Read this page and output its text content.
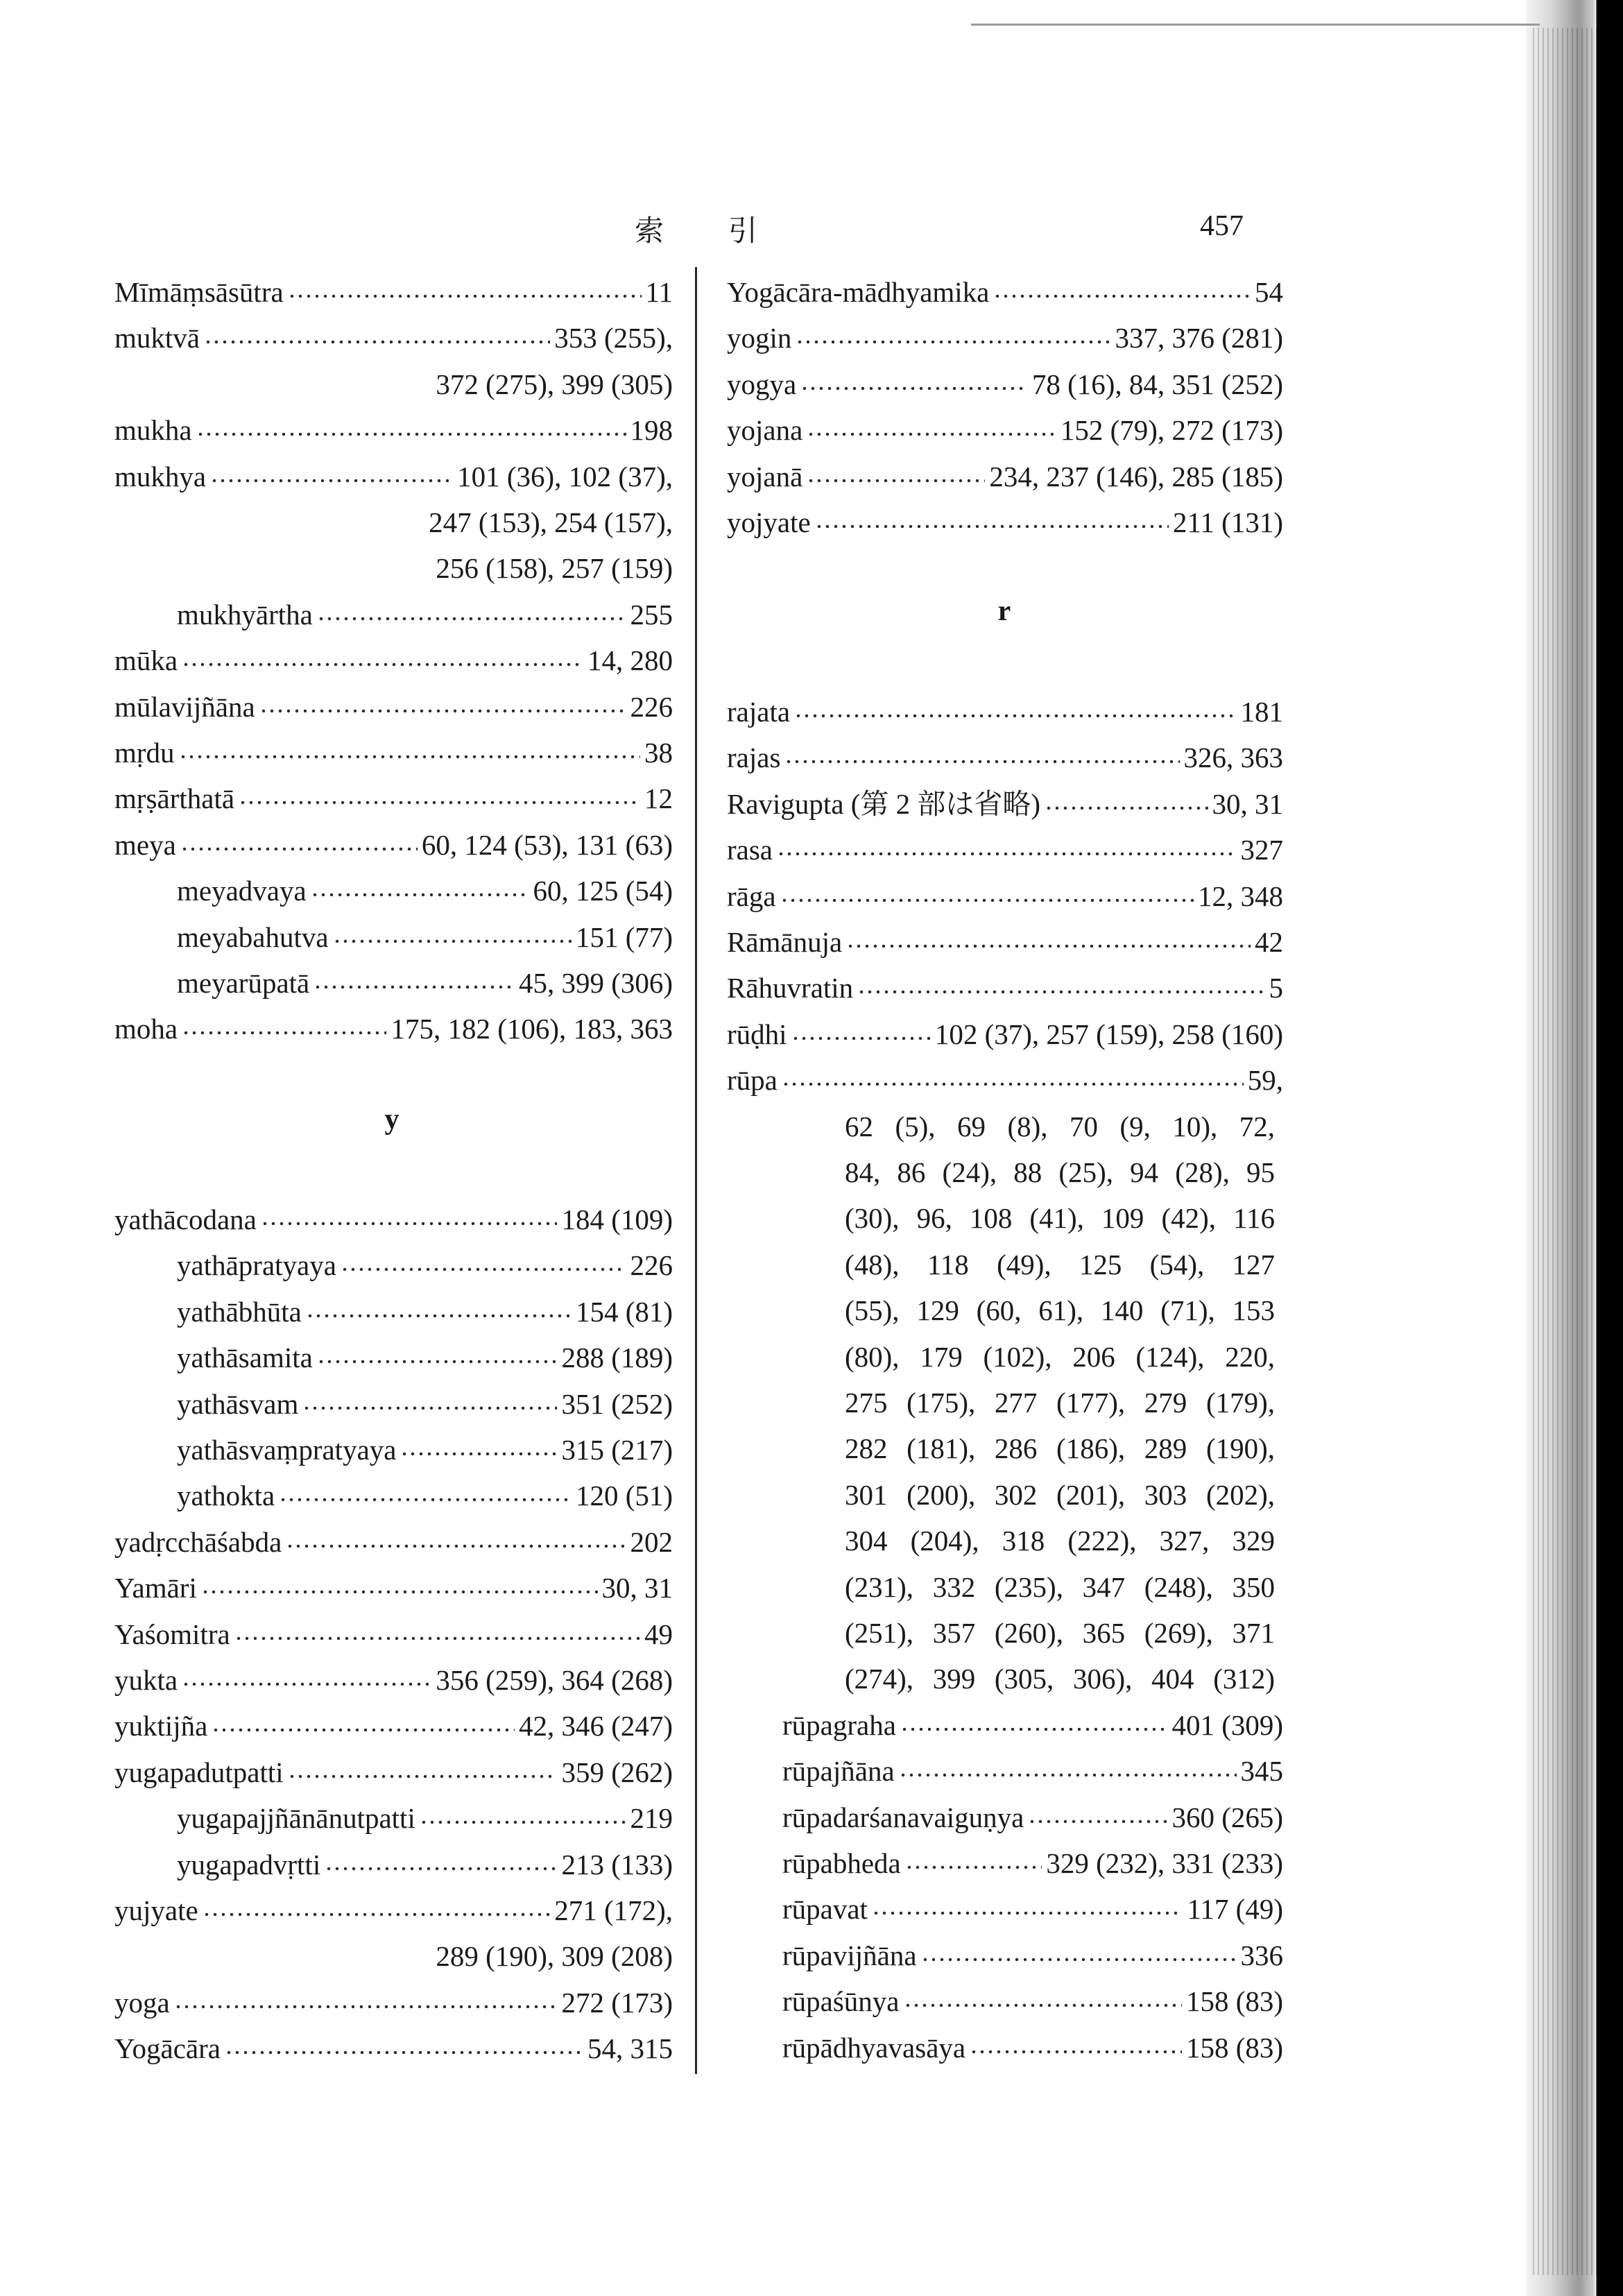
索 引	457
Mīmāṃsāsūtra	11
muktvā	353 (255),
372 (275), 399 (305)
mukha	198
mukhya	101 (36), 102 (37),
247 (153), 254 (157),
256 (158), 257 (159)
mukhyārtha	255
mūka	14, 280
mūlavijñāna	226
mṛdu	38
mṛṣārthatā	12
meya	60, 124 (53), 131 (63)
meyadvaya	60, 125 (54)
meyabahutva	151 (77)
meyarūpatā	45, 399 (306)
moha	175, 182 (106), 183, 363
y
yathācodana	184 (109)
yathāpratyaya	226
yathābhūta	154 (81)
yathāsamita	288 (189)
yathāsvam	351 (252)
yathāsvaṃpratyaya	315 (217)
yathokta	120 (51)
yadṛcchāśabda	202
Yamāri	30, 31
Yaśomitra	49
yukta	356 (259), 364 (268)
yuktijña	42, 346 (247)
yugapadutpatti	359 (262)
yugapajjñānānutpatti	219
yugapadvṛtti	213 (133)
yujyate	271 (172),
289 (190), 309 (208)
yoga	272 (173)
Yogācāra	54, 315
Yogācāra-mādhyamika	54
yogin	337, 376 (281)
yogya	78 (16), 84, 351 (252)
yojana	152 (79), 272 (173)
yojanā	234, 237 (146), 285 (185)
yojyate	211 (131)
r
rajata	181
rajas	326, 363
Ravigupta (第 2 部は省略)	30, 31
rasa	327
rāga	12, 348
Rāmānuja	42
Rāhuvratin	5
rūḍhi	102 (37), 257 (159), 258 (160)
rūpa	59,
62 (5), 69 (8), 70 (9, 10), 72,
84, 86 (24), 88 (25), 94 (28), 95
(30), 96, 108 (41), 109 (42), 116
(48), 118 (49), 125 (54), 127
(55), 129 (60, 61), 140 (71), 153
(80), 179 (102), 206 (124), 220,
275 (175), 277 (177), 279 (179),
282 (181), 286 (186), 289 (190),
301 (200), 302 (201), 303 (202),
304 (204), 318 (222), 327, 329
(231), 332 (235), 347 (248), 350
(251), 357 (260), 365 (269), 371
(274), 399 (305, 306), 404 (312)
rūpagraha	401 (309)
rūpajñāna	345
rūpadarśanavaiguṇya	360 (265)
rūpabheda	329 (232), 331 (233)
rūpavat	117 (49)
rūpavijñāna	336
rūpaśūnya	158 (83)
rūpādhyavasāya	158 (83)
